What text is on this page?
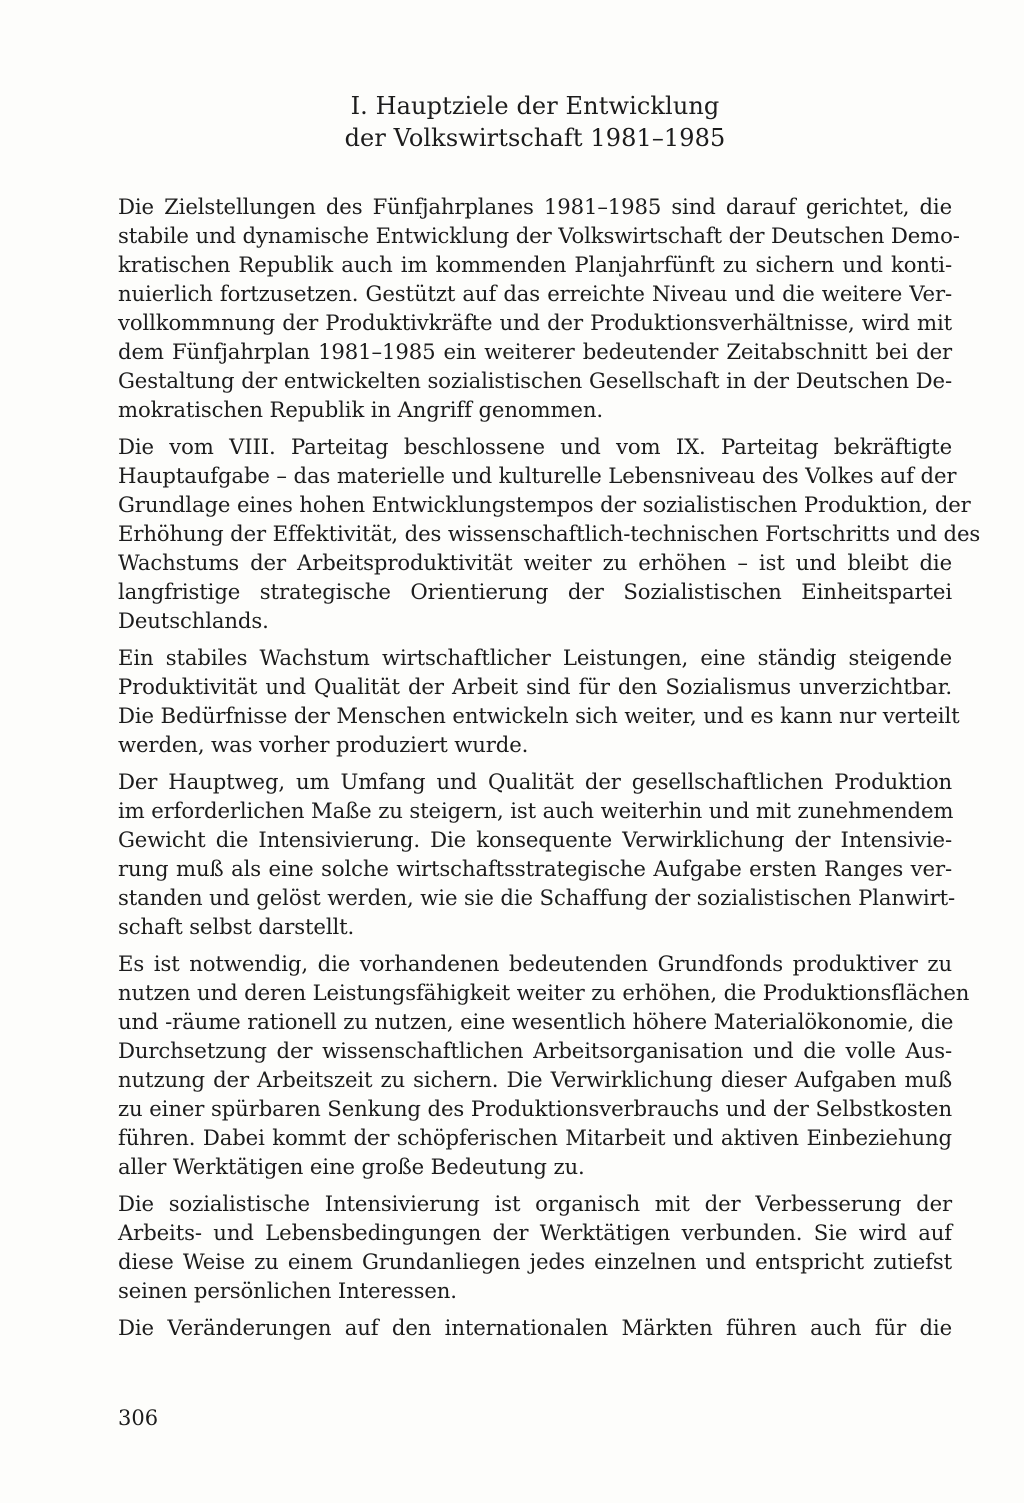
I. Hauptziele der Entwicklung
der Volkswirtschaft 1981–1985

Die Zielstellungen des Fünfjahrplanes 1981–1985 sind darauf gerichtet, die
stabile und dynamische Entwicklung der Volkswirtschaft der Deutschen Demo-
kratischen Republik auch im kommenden Planjahrfünft zu sichern und konti-
nuierlich fortzusetzen. Gestützt auf das erreichte Niveau und die weitere Ver-
vollkommnung der Produktivkräfte und der Produktionsverhältnisse, wird mit
dem Fünfjahrplan 1981–1985 ein weiterer bedeutender Zeitabschnitt bei der
Gestaltung der entwickelten sozialistischen Gesellschaft in der Deutschen De-
mokratischen Republik in Angriff genommen.

Die vom VIII. Parteitag beschlossene und vom IX. Parteitag bekräftigte
Hauptaufgabe – das materielle und kulturelle Lebensniveau des Volkes auf der
Grundlage eines hohen Entwicklungstempos der sozialistischen Produktion, der
Erhöhung der Effektivität, des wissenschaftlich-technischen Fortschritts und des
Wachstums der Arbeitsproduktivität weiter zu erhöhen – ist und bleibt die
langfristige strategische Orientierung der Sozialistischen Einheitspartei
Deutschlands.

Ein stabiles Wachstum wirtschaftlicher Leistungen, eine ständig steigende
Produktivität und Qualität der Arbeit sind für den Sozialismus unverzichtbar.
Die Bedürfnisse der Menschen entwickeln sich weiter, und es kann nur verteilt
werden, was vorher produziert wurde.

Der Hauptweg, um Umfang und Qualität der gesellschaftlichen Produktion
im erforderlichen Maße zu steigern, ist auch weiterhin und mit zunehmendem
Gewicht die Intensivierung. Die konsequente Verwirklichung der Intensivie-
rung muß als eine solche wirtschaftsstrategische Aufgabe ersten Ranges ver-
standen und gelöst werden, wie sie die Schaffung der sozialistischen Planwirt-
schaft selbst darstellt.

Es ist notwendig, die vorhandenen bedeutenden Grundfonds produktiver zu
nutzen und deren Leistungsfähigkeit weiter zu erhöhen, die Produktionsflächen
und -räume rationell zu nutzen, eine wesentlich höhere Materialökonomie, die
Durchsetzung der wissenschaftlichen Arbeitsorganisation und die volle Aus-
nutzung der Arbeitszeit zu sichern. Die Verwirklichung dieser Aufgaben muß
zu einer spürbaren Senkung des Produktionsverbrauchs und der Selbstkosten
führen. Dabei kommt der schöpferischen Mitarbeit und aktiven Einbeziehung
aller Werktätigen eine große Bedeutung zu.

Die sozialistische Intensivierung ist organisch mit der Verbesserung der
Arbeits- und Lebensbedingungen der Werktätigen verbunden. Sie wird auf
diese Weise zu einem Grundanliegen jedes einzelnen und entspricht zutiefst
seinen persönlichen Interessen.

Die Veränderungen auf den internationalen Märkten führen auch für die

306
